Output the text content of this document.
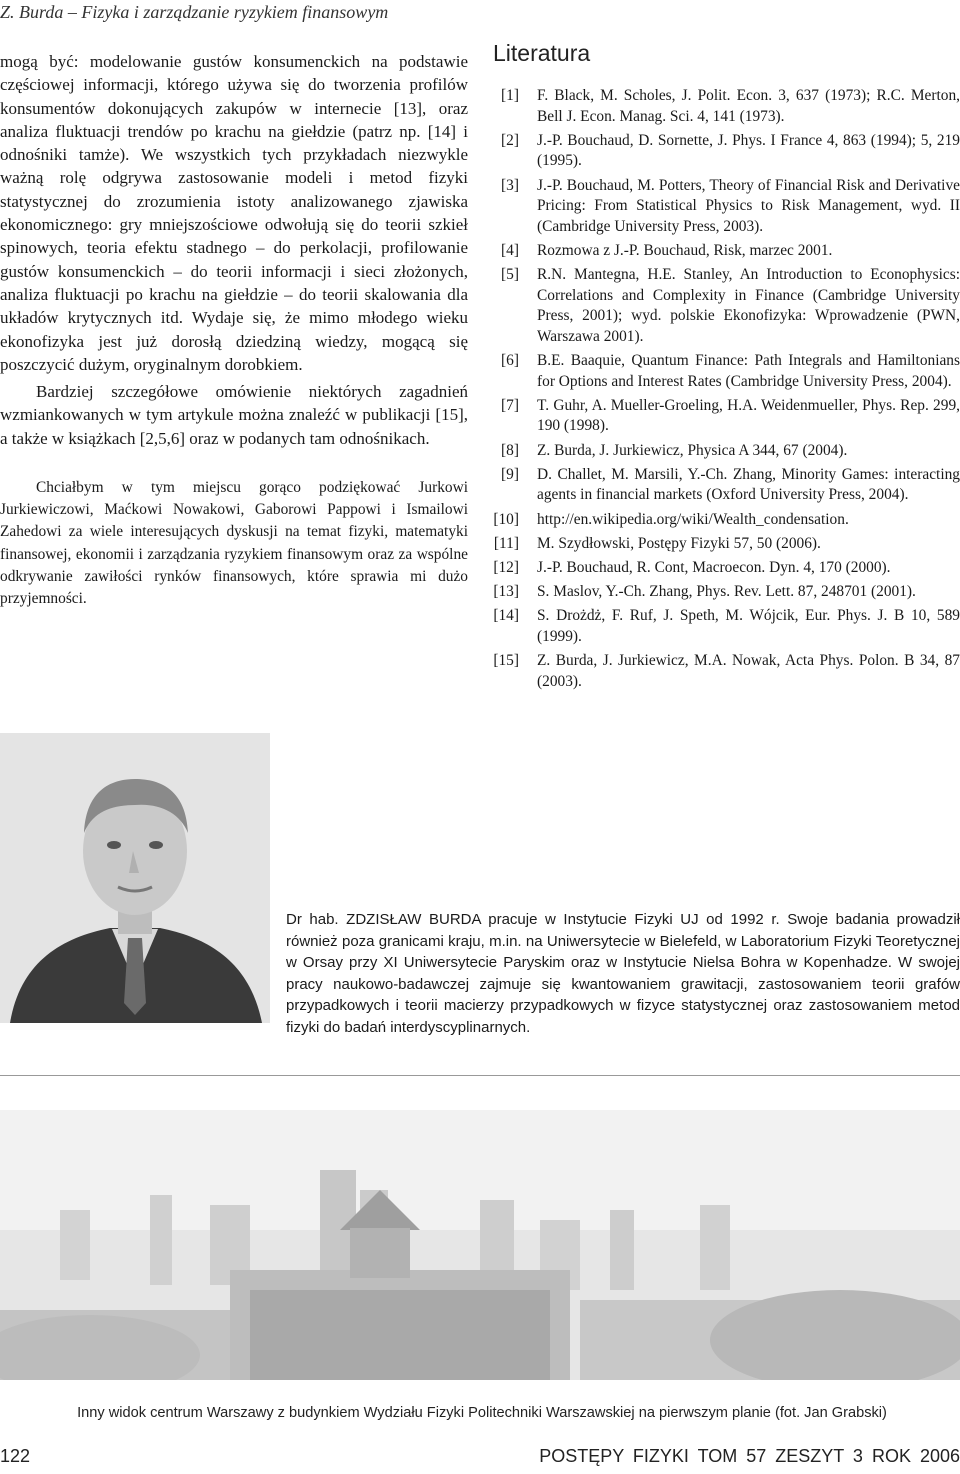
Z. Burda – Fizyka i zarządzanie ryzykiem finansowym

mogą być: modelowanie gustów konsumenckich na podstawie częściowej informacji, którego używa się do tworzenia profilów konsumentów dokonujących zakupów w internecie [13], oraz analiza fluktuacji trendów po krachu na giełdzie (patrz np. [14] i odnośniki tamże). We wszystkich tych przykładach niezwykle ważną rolę odgrywa zastosowanie modeli i metod fizyki statystycznej do zrozumienia istoty analizowanego zjawiska ekonomicznego: gry mniejszościowe odwołują się do teorii szkieł spinowych, teoria efektu stadnego – do perkolacji, profilowanie gustów konsumenckich – do teorii informacji i sieci złożonych, analiza fluktuacji po krachu na giełdzie – do teorii skalowania dla układów krytycznych itd. Wydaje się, że mimo młodego wieku ekonofizyka jest już dorosłą dziedziną wiedzy, mogącą się poszczycić dużym, oryginalnym dorobkiem.

Bardziej szczegółowe omówienie niektórych zagadnień wzmiankowanych w tym artykule można znaleźć w publikacji [15], a także w książkach [2,5,6] oraz w podanych tam odnośnikach.

Chciałbym w tym miejscu gorąco podziękować Jurkowi Jurkiewiczowi, Maćkowi Nowakowi, Gaborowi Pappowi i Ismailowi Zahedowi za wiele interesujących dyskusji na temat fizyki, matematyki finansowej, ekonomii i zarządzania ryzykiem finansowym oraz za wspólne odkrywanie zawiłości rynków finansowych, które sprawia mi dużo przyjemności.

Literatura
[1] F. Black, M. Scholes, J. Polit. Econ. 3, 637 (1973); R.C. Merton, Bell J. Econ. Manag. Sci. 4, 141 (1973).
[2] J.-P. Bouchaud, D. Sornette, J. Phys. I France 4, 863 (1994); 5, 219 (1995).
[3] J.-P. Bouchaud, M. Potters, Theory of Financial Risk and Derivative Pricing: From Statistical Physics to Risk Management, wyd. II (Cambridge University Press, 2003).
[4] Rozmowa z J.-P. Bouchaud, Risk, marzec 2001.
[5] R.N. Mantegna, H.E. Stanley, An Introduction to Econophysics: Correlations and Complexity in Finance (Cambridge University Press, 2001); wyd. polskie Ekonofizyka: Wprowadzenie (PWN, Warszawa 2001).
[6] B.E. Baaquie, Quantum Finance: Path Integrals and Hamiltonians for Options and Interest Rates (Cambridge University Press, 2004).
[7] T. Guhr, A. Mueller-Groeling, H.A. Weidenmueller, Phys. Rep. 299, 190 (1998).
[8] Z. Burda, J. Jurkiewicz, Physica A 344, 67 (2004).
[9] D. Challet, M. Marsili, Y.-Ch. Zhang, Minority Games: interacting agents in financial markets (Oxford University Press, 2004).
[10] http://en.wikipedia.org/wiki/Wealth_condensation.
[11] M. Szydłowski, Postępy Fizyki 57, 50 (2006).
[12] J.-P. Bouchaud, R. Cont, Macroecon. Dyn. 4, 170 (2000).
[13] S. Maslov, Y.-Ch. Zhang, Phys. Rev. Lett. 87, 248701 (2001).
[14] S. Drożdż, F. Ruf, J. Speth, M. Wójcik, Eur. Phys. J. B 10, 589 (1999).
[15] Z. Burda, J. Jurkiewicz, M.A. Nowak, Acta Phys. Polon. B 34, 87 (2003).
Dr hab. ZDZISŁAW BURDA pracuje w Instytucie Fizyki UJ od 1992 r. Swoje badania prowadził również poza granicami kraju, m.in. na Uniwersytecie w Bielefeld, w Laboratorium Fizyki Teoretycznej w Orsay przy XI Uniwersytecie Paryskim oraz w Instytucie Nielsa Bohra w Kopenhadze. W swojej pracy naukowo-badawczej zajmuje się kwantowaniem grawitacji, zastosowaniem teorii grafów przypadkowych i teorii macierzy przypadkowych w fizyce statystycznej oraz zastosowaniem metod fizyki do badań interdyscyplinarnych.
Inny widok centrum Warszawy z budynkiem Wydziału Fizyki Politechniki Warszawskiej na pierwszym planie (fot. Jan Grabski)
122	POSTĘPY FIZYKI TOM 57 ZESZYT 3 ROK 2006
